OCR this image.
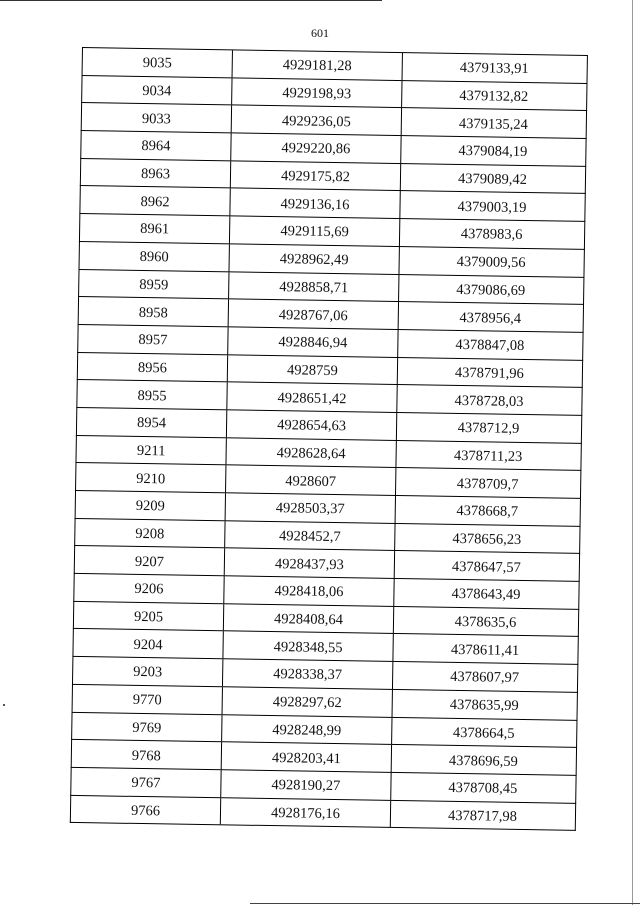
601
9035	4929181,28	4379133,91
9034	4929198,93	4379132,82
9033	4929236,05	4379135,24
8964	4929220,86	4379084,19
8963	4929175,82	4379089,42
8962	4929136,16	4379003,19
8961	4929115,69	4378983,6
8960	4928962,49	4379009,56
8959	4928858,71	4379086,69
8958	4928767,06	4378956,4
8957	4928846,94	4378847,08
8956	4928759	4378791,96
8955	4928651,42	4378728,03
8954	4928654,63	4378712,9
9211	4928628,64	4378711,23
9210	4928607	4378709,7
9209	4928503,37	4378668,7
9208	4928452,7	4378656,23
9207	4928437,93	4378647,57
9206	4928418,06	4378643,49
9205	4928408,64	4378635,6
9204	4928348,55	4378611,41
9203	4928338,37	4378607,97
9770	4928297,62	4378635,99
9769	4928248,99	4378664,5
9768	4928203,41	4378696,59
9767	4928190,27	4378708,45
9766	4928176,16	4378717,98
